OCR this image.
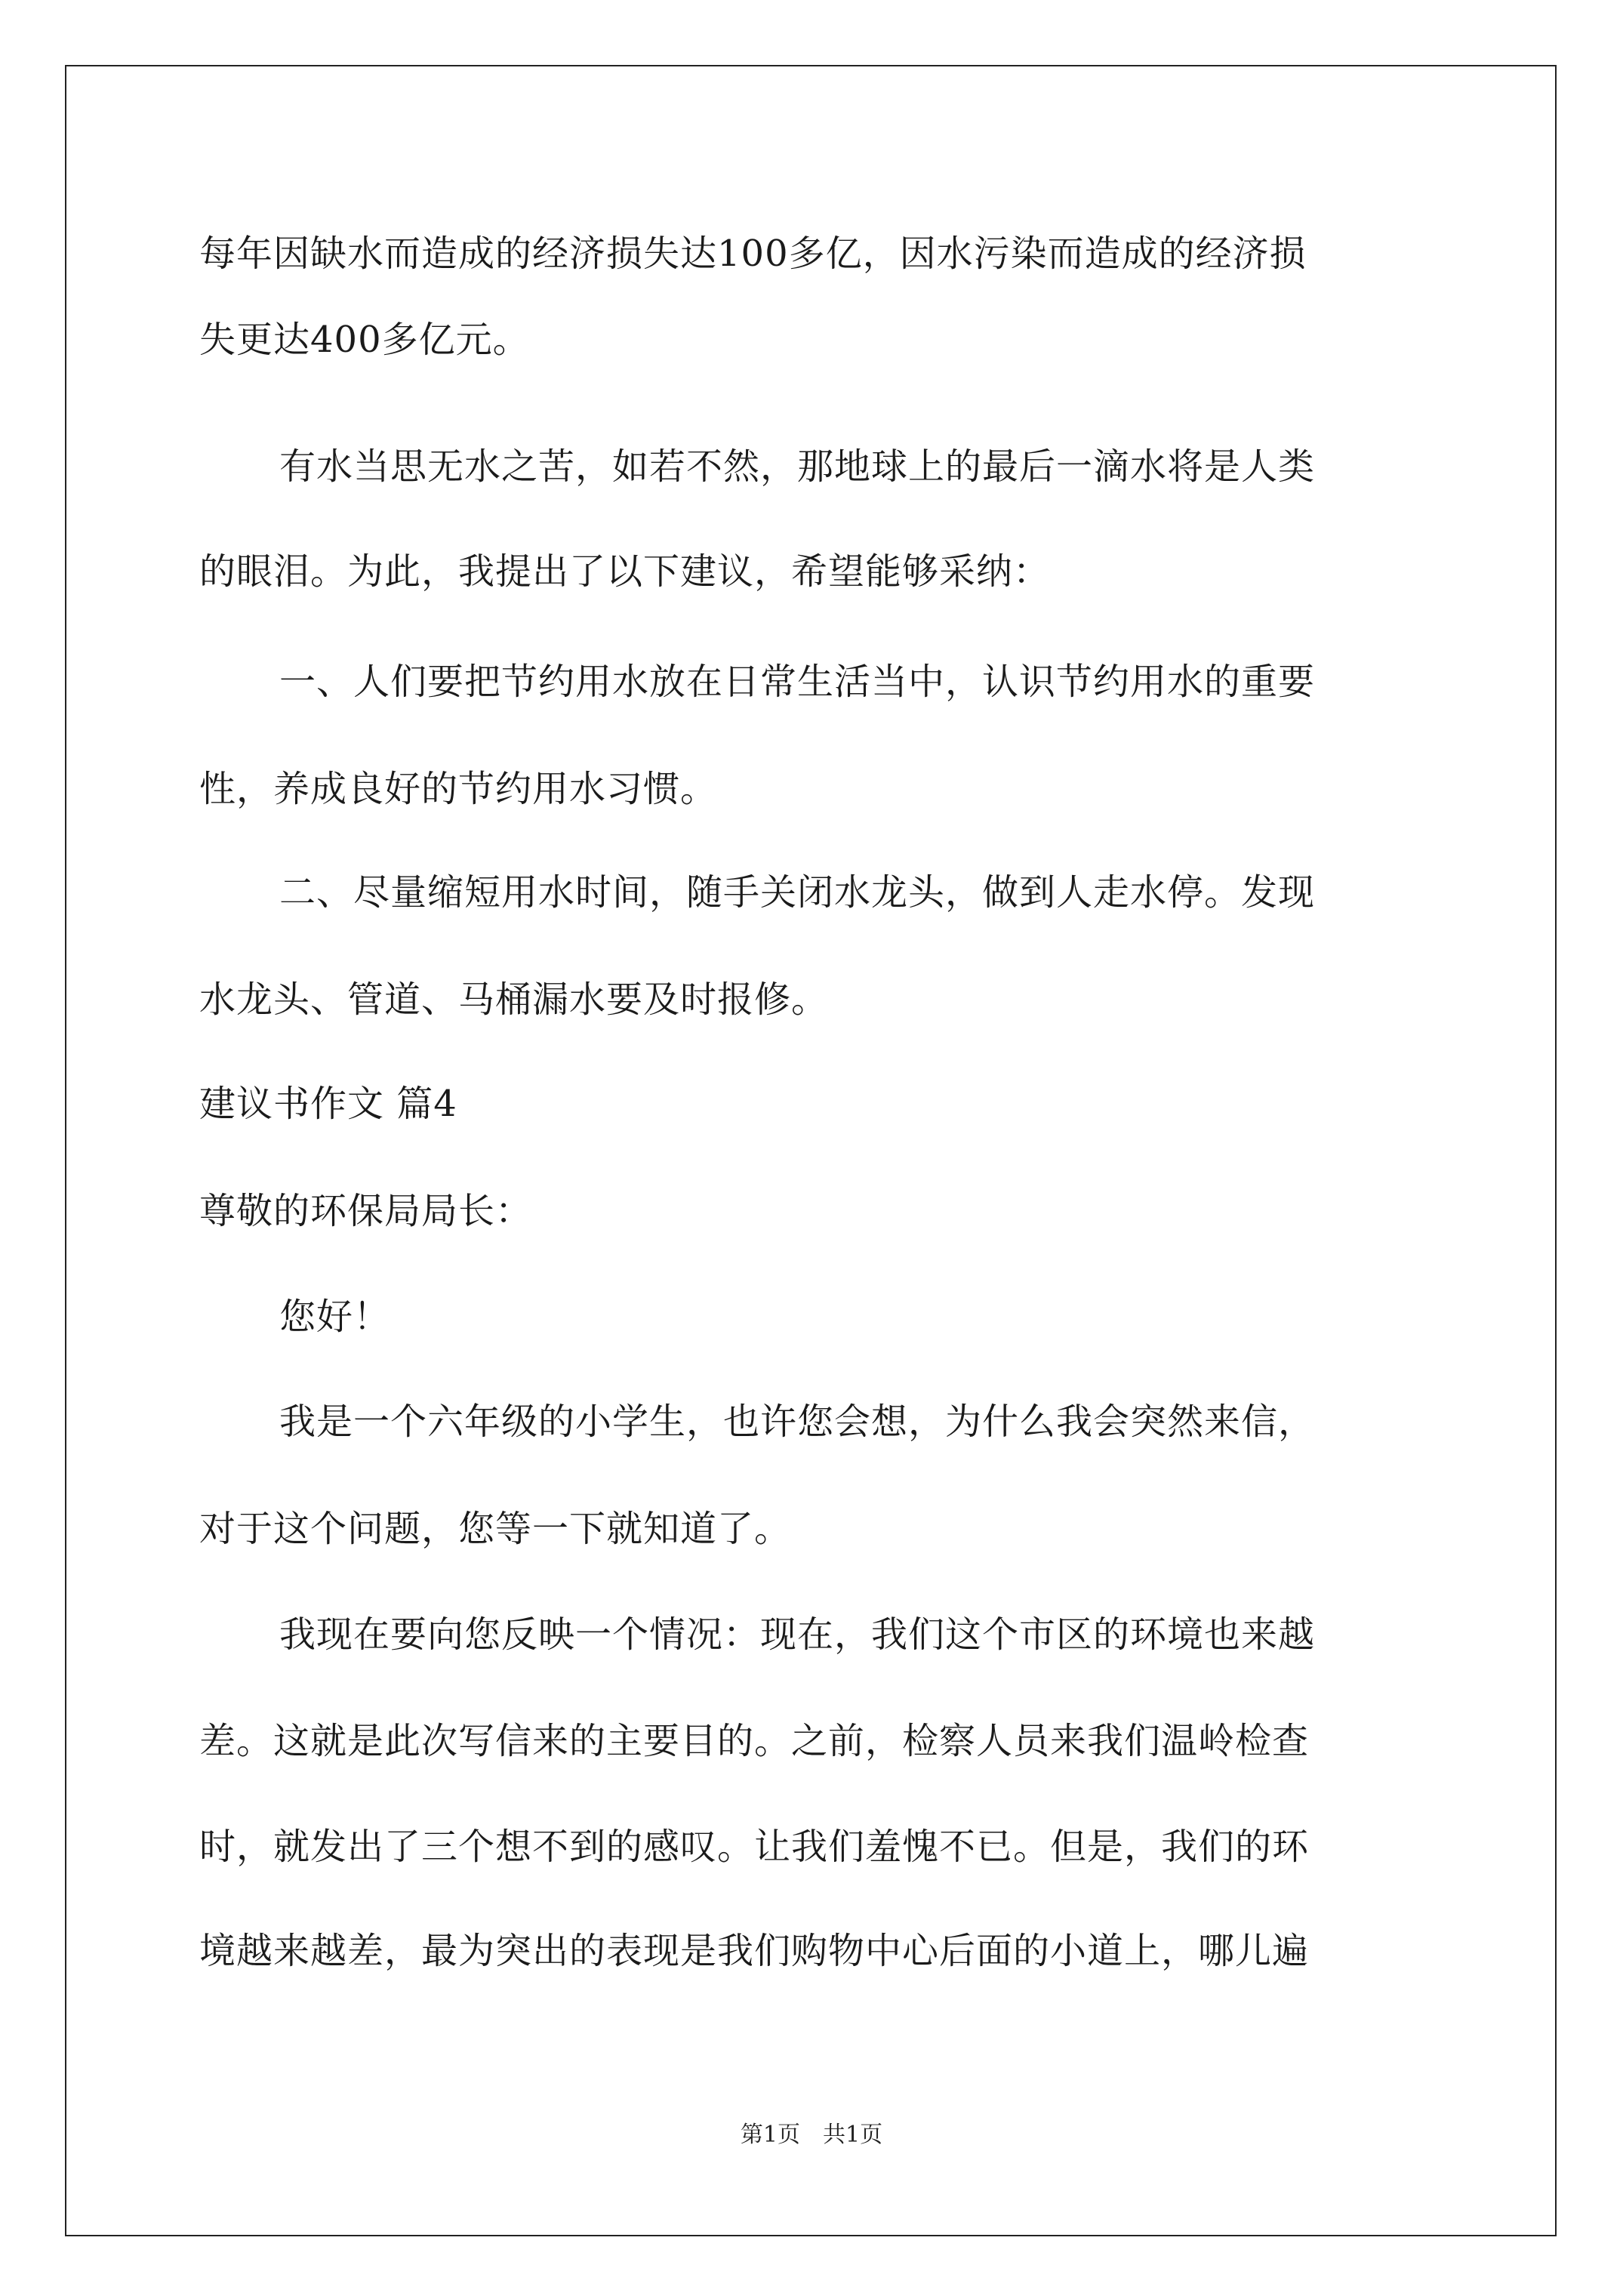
每年因缺水而造成的经济损失达100多亿，因水污染而造成的经济损
失更达400多亿元。
有水当思无水之苦，如若不然，那地球上的最后一滴水将是人类
的眼泪。为此，我提出了以下建议，希望能够采纳：
一、人们要把节约用水放在日常生活当中，认识节约用水的重要
性，养成良好的节约用水习惯。
二、尽量缩短用水时间，随手关闭水龙头，做到人走水停。发现
水龙头、管道、马桶漏水要及时报修。
建议书作文 篇4
尊敬的环保局局长：
您好！
我是一个六年级的小学生，也许您会想，为什么我会突然来信，
对于这个问题，您等一下就知道了。
我现在要向您反映一个情况：现在，我们这个市区的环境也来越
差。这就是此次写信来的主要目的。之前，检察人员来我们温岭检查
时，就发出了三个想不到的感叹。让我们羞愧不已。但是，我们的环
境越来越差，最为突出的表现是我们购物中心后面的小道上，哪儿遍
第1页　共1页
